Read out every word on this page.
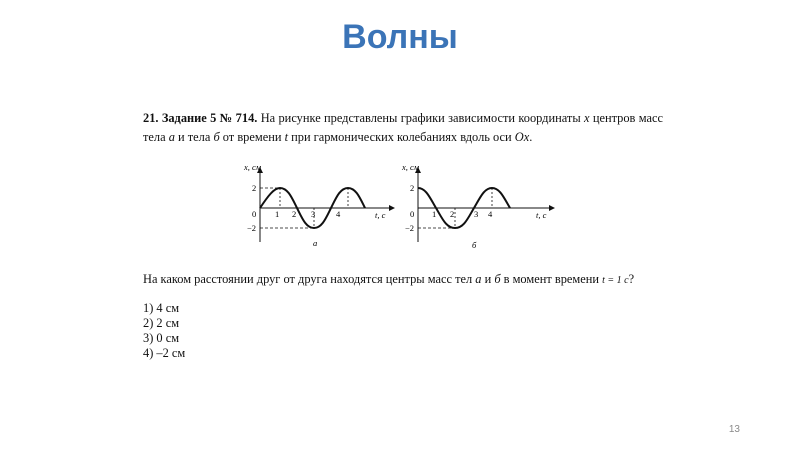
Волны
21. Задание 5 № 714. На рисунке представлены графики зависимости координаты x центров масс тела а и тела б от времени t при гармонических колебаниях вдоль оси Ox.
x, см
t, c
0
2
−2
1 2 3 4
а
x, см
t, c
0
2
−2
1 2 3 4
б
На каком расстоянии друг от друга находятся центры масс тел а и б в момент времени t = 1 с?
1) 4 см
2) 2 см
3) 0 см
4) –2 см
13
